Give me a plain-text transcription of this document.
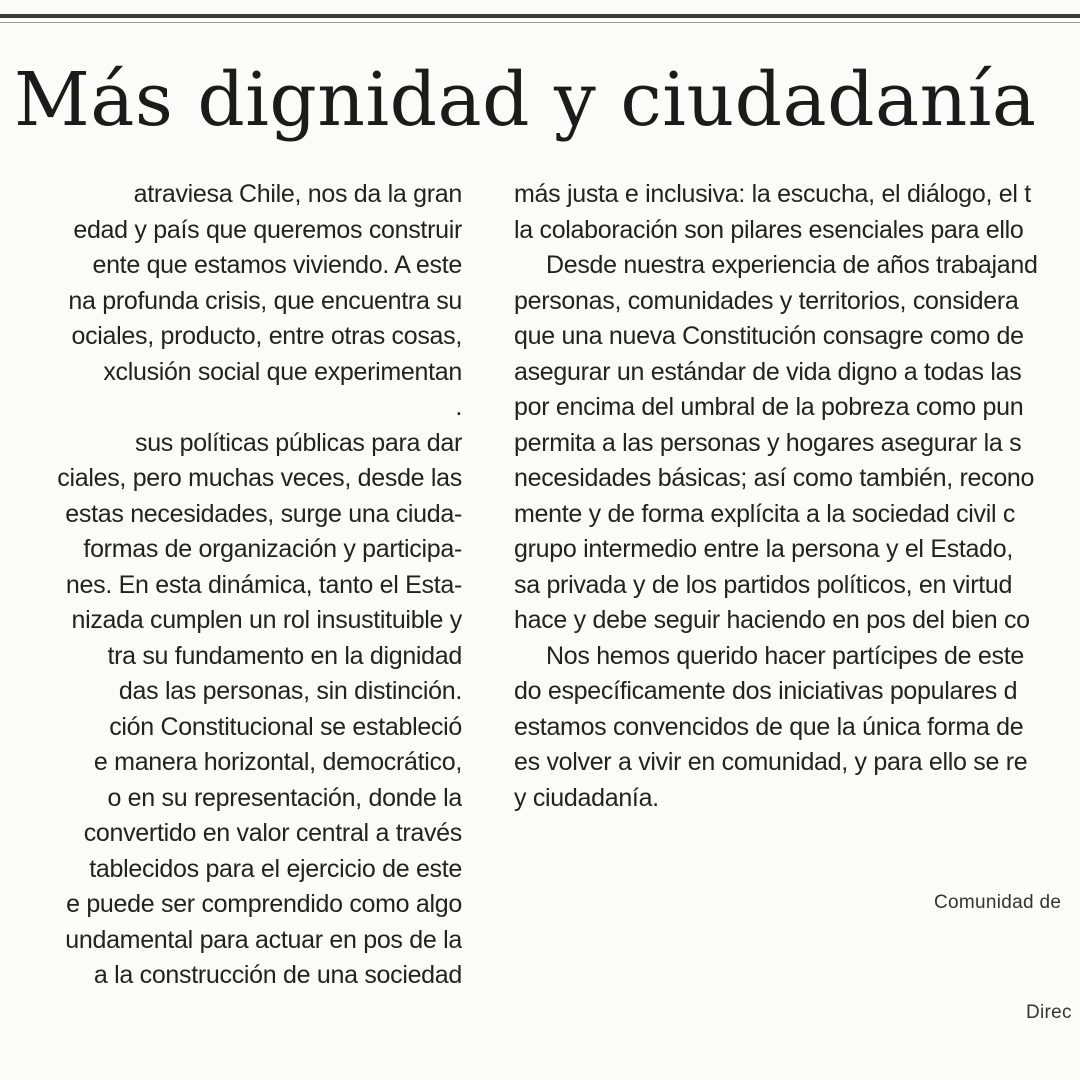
Más dignidad y ciudadanía
atraviesa Chile, nos da la gran
edad y país que queremos construir
ente que estamos viviendo. A este
na profunda crisis, que encuentra su
ociales, producto, entre otras cosas,
xclusión social que experimentan
.
sus políticas públicas para dar
ciales, pero muchas veces, desde las
estas necesidades, surge una ciuda-
formas de organización y participa-
nes. En esta dinámica, tanto el Esta-
nizada cumplen un rol insustituible y
tra su fundamento en la dignidad
das las personas, sin distinción.
ción Constitucional se estableció
e manera horizontal, democrático,
o en su representación, donde la
convertido en valor central a través
tablecidos para el ejercicio de este
e puede ser comprendido como algo
undamental para actuar en pos de la
a la construcción de una sociedad
más justa e inclusiva: la escucha, el diálogo, el t
la colaboración son pilares esenciales para ello
Desde nuestra experiencia de años trabajand
personas, comunidades y territorios, considera
que una nueva Constitución consagre como de
asegurar un estándar de vida digno a todas las
por encima del umbral de la pobreza como pun
permita a las personas y hogares asegurar la s
necesidades básicas; así como también, recono
mente y de forma explícita a la sociedad civil c
grupo intermedio entre la persona y el Estado,
sa privada y de los partidos políticos, en virtud
hace y debe seguir haciendo en pos del bien co
Nos hemos querido hacer partícipes de este
do específicamente dos iniciativas populares d
estamos convencidos de que la única forma de
es volver a vivir en comunidad, y para ello se re
y ciudadanía.
Comunidad de
Direc
